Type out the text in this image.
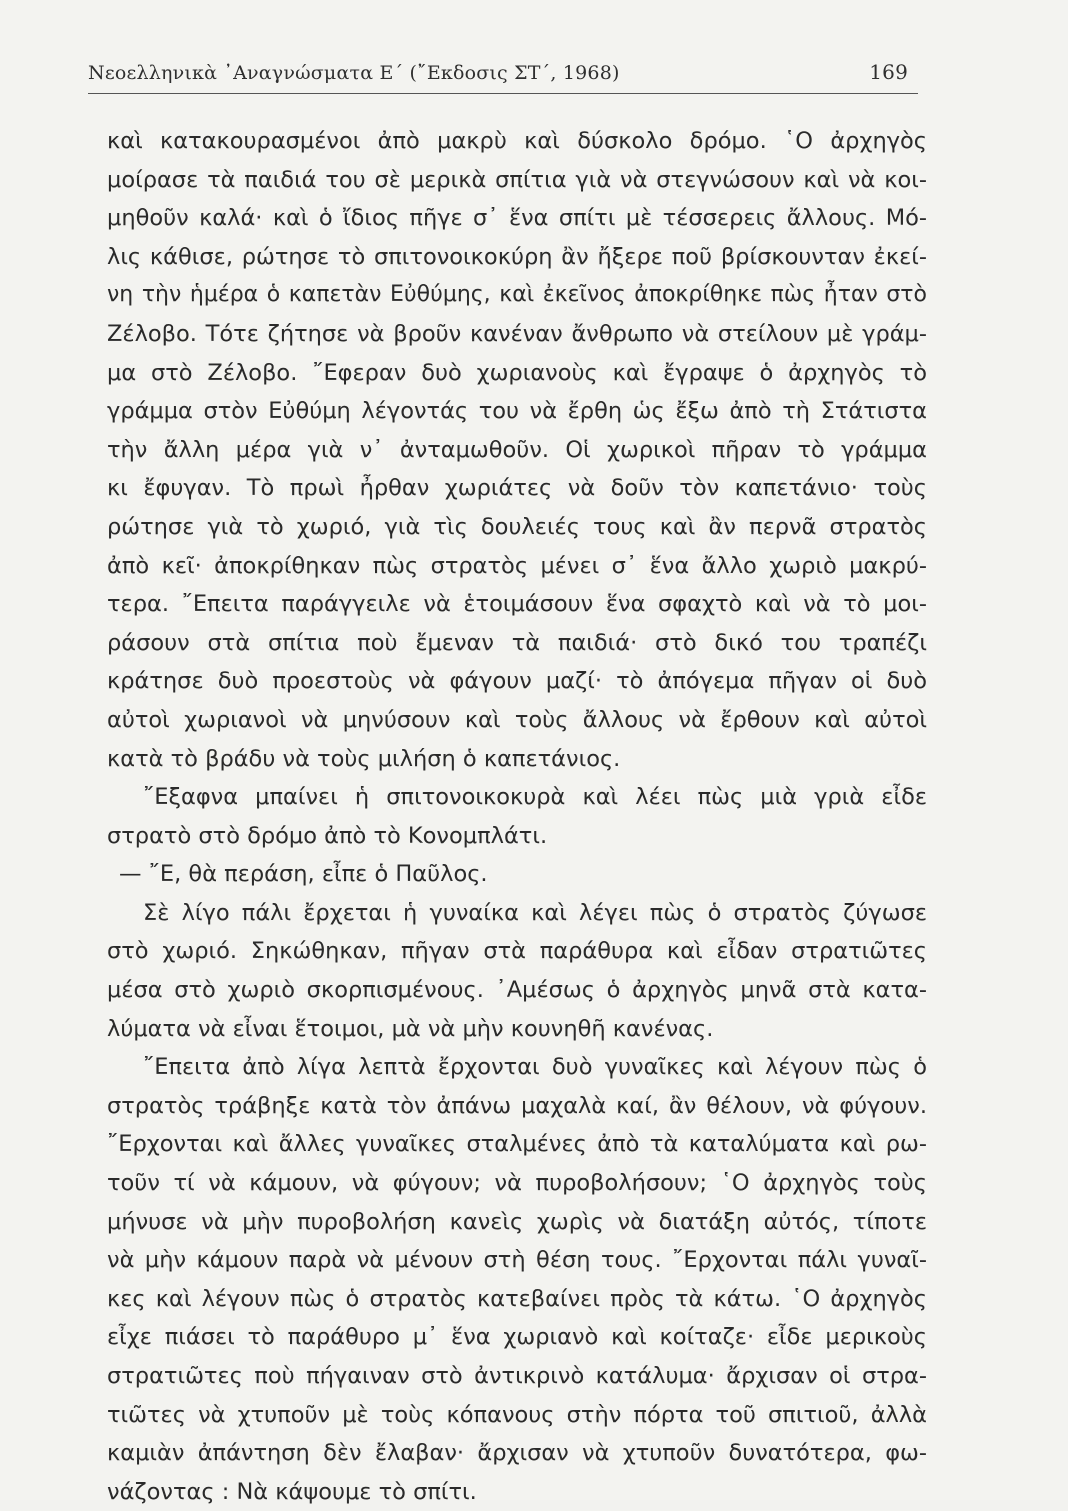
Νεοελληνικὰ ᾿Αναγνώσματα Ε΄ (῎Εκδοσις ΣΤ΄, 1968)	169
καὶ κατακουρασμένοι ἀπὸ μακρὺ καὶ δύσκολο δρόμο. ῾Ο ἀρχηγὸς
μοίρασε τὰ παιδιά του σὲ μερικὰ σπίτια γιὰ νὰ στεγνώσουν καὶ νὰ κοι-
μηθοῦν καλά· καὶ ὁ ἴδιος πῆγε σ᾿ ἕνα σπίτι μὲ τέσσερεις ἄλλους. Μό-
λις κάθισε, ρώτησε τὸ σπιτονοικοκύρη ἂν ἤξερε ποῦ βρίσκουνταν ἐκεί-
νη τὴν ἡμέρα ὁ καπετὰν Εὐθύμης, καὶ ἐκεῖνος ἀποκρίθηκε πὼς ἦταν στὸ
Ζέλοβο. Τότε ζήτησε νὰ βροῦν κανέναν ἄνθρωπο νὰ στείλουν μὲ γράμ-
μα στὸ Ζέλοβο. ῎Εφεραν δυὸ χωριανοὺς καὶ ἔγραψε ὁ ἀρχηγὸς τὸ
γράμμα στὸν Εὐθύμη λέγοντάς του νὰ ἔρθη ὡς ἔξω ἀπὸ τὴ Στάτιστα
τὴν ἄλλη μέρα γιὰ ν᾿ ἀνταμωθοῦν. Οἱ χωρικοὶ πῆραν τὸ γράμμα
κι ἔφυγαν. Τὸ πρωὶ ἦρθαν χωριάτες νὰ δοῦν τὸν καπετάνιο· τοὺς
ρώτησε γιὰ τὸ χωριό, γιὰ τὶς δουλειές τους καὶ ἂν περνᾶ στρατὸς
ἀπὸ κεῖ· ἀποκρίθηκαν πὼς στρατὸς μένει σ᾿ ἕνα ἄλλο χωριὸ μακρύ-
τερα. ῎Επειτα παράγγειλε νὰ ἑτοιμάσουν ἕνα σφαχτὸ καὶ νὰ τὸ μοι-
ράσουν στὰ σπίτια ποὺ ἔμεναν τὰ παιδιά· στὸ δικό του τραπέζι
κράτησε δυὸ προεστοὺς νὰ φάγουν μαζί· τὸ ἀπόγεμα πῆγαν οἱ δυὸ
αὐτοὶ χωριανοὶ νὰ μηνύσουν καὶ τοὺς ἄλλους νὰ ἔρθουν καὶ αὐτοὶ
κατὰ τὸ βράδυ νὰ τοὺς μιλήση ὁ καπετάνιος.
῎Εξαφνα μπαίνει ἡ σπιτονοικοκυρὰ καὶ λέει πὼς μιὰ γριὰ εἶδε
στρατὸ στὸ δρόμο ἀπὸ τὸ Κονομπλάτι.
— ῎Ε, θὰ περάση, εἶπε ὁ Παῦλος.
Σὲ λίγο πάλι ἔρχεται ἡ γυναίκα καὶ λέγει πὼς ὁ στρατὸς ζύγωσε
στὸ χωριό. Σηκώθηκαν, πῆγαν στὰ παράθυρα καὶ εἶδαν στρατιῶτες
μέσα στὸ χωριὸ σκορπισμένους. ᾿Αμέσως ὁ ἀρχηγὸς μηνᾶ στὰ κατα-
λύματα νὰ εἶναι ἕτοιμοι, μὰ νὰ μὴν κουνηθῆ κανένας.
῎Επειτα ἀπὸ λίγα λεπτὰ ἔρχονται δυὸ γυναῖκες καὶ λέγουν πὼς ὁ
στρατὸς τράβηξε κατὰ τὸν ἀπάνω μαχαλὰ καί, ἂν θέλουν, νὰ φύγουν.
῎Ερχονται καὶ ἄλλες γυναῖκες σταλμένες ἀπὸ τὰ καταλύματα καὶ ρω-
τοῦν τί νὰ κάμουν, νὰ φύγουν; νὰ πυροβολήσουν; ῾Ο ἀρχηγὸς τοὺς
μήνυσε νὰ μὴν πυροβολήση κανεὶς χωρὶς νὰ διατάξη αὐτός, τίποτε
νὰ μὴν κάμουν παρὰ νὰ μένουν στὴ θέση τους. ῎Ερχονται πάλι γυναῖ-
κες καὶ λέγουν πὼς ὁ στρατὸς κατεβαίνει πρὸς τὰ κάτω. ῾Ο ἀρχηγὸς
εἶχε πιάσει τὸ παράθυρο μ᾿ ἕνα χωριανὸ καὶ κοίταζε· εἶδε μερικοὺς
στρατιῶτες ποὺ πήγαιναν στὸ ἀντικρινὸ κατάλυμα· ἄρχισαν οἱ στρα-
τιῶτες νὰ χτυποῦν μὲ τοὺς κόπανους στὴν πόρτα τοῦ σπιτιοῦ, ἀλλὰ
καμιὰν ἀπάντηση δὲν ἔλαβαν· ἄρχισαν νὰ χτυποῦν δυνατότερα, φω-
νάζοντας : Νὰ κάψουμε τὸ σπίτι.
